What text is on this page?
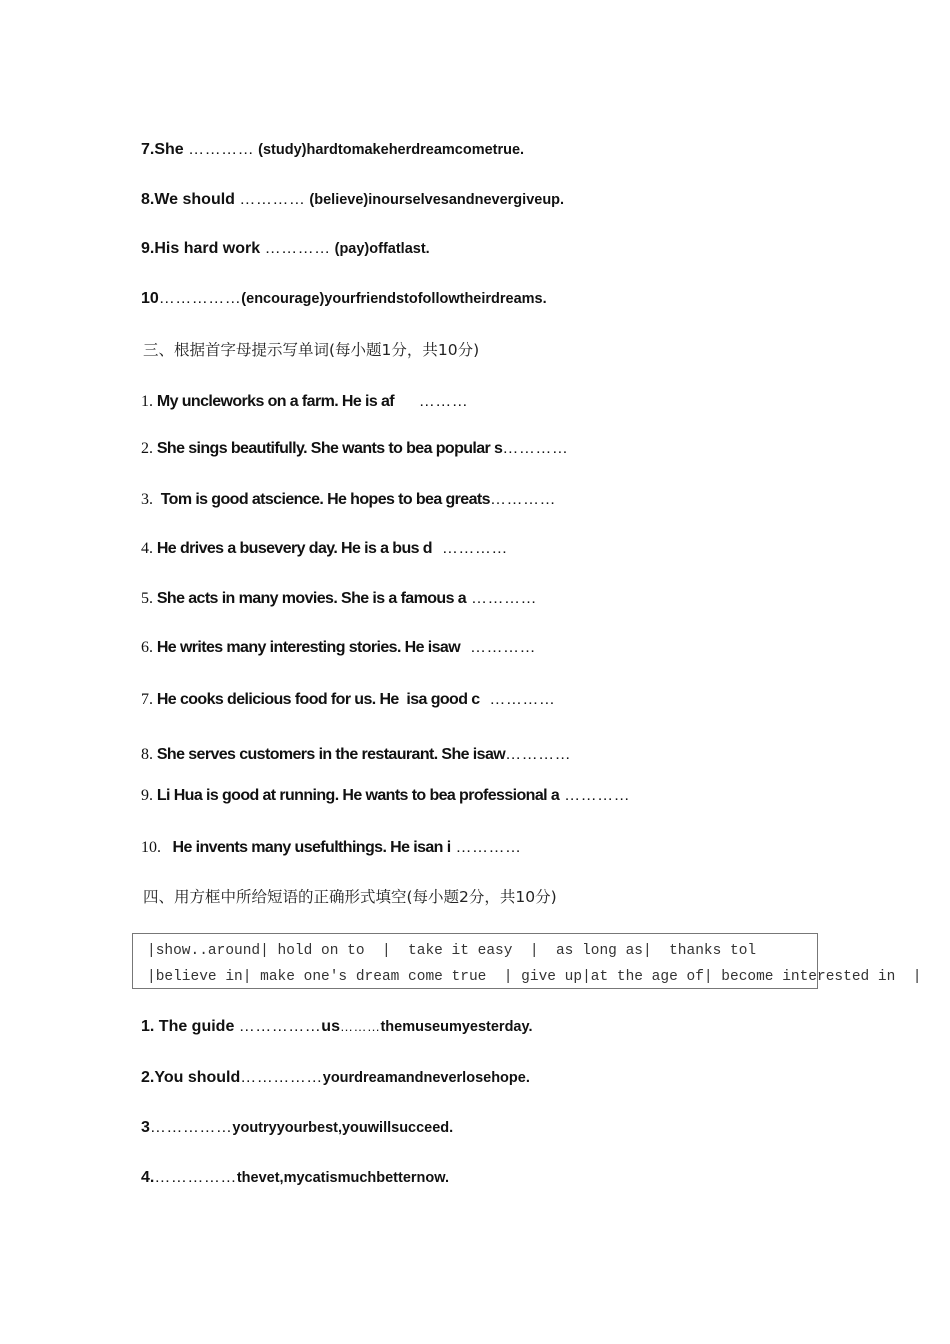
7.She ………… (study)hardtomakeherdreamcometrue.
8.We should ………… (believe)inourselvesandnevergiveup.
9.His hard work ………… (pay)offatlast.
10……………(encourage)yourfriendstofollowtheirdreams.
三、根据首字母提示写单词(每小题1分，共10分)
1. My uncleworks on a farm. He is af     ………
2. She sings beautifully. She wants to bea popular s…………
3.  Tom is good atscience. He hopes to bea greats…………
4. He drives a busevery day. He is a bus d  …………
5. She acts in many movies. She is a famous a …………
6. He writes many interesting stories. He isaw  …………
7. He cooks delicious food for us. He  isa good c  …………
8. She serves customers in the restaurant. She isaw…………
9. Li Hua is good at running. He wants to bea professional a …………
10.   He invents many usefulthings. He isan i …………
四、用方框中所给短语的正确形式填空(每小题2分，共10分)
|show..around| hold on to  |  take it easy  |  as long as|  thanks tol
|believe in| make one's dream come true  | give up|at the age of| become interested in  |
1. The guide ……………us………themuseumyesterday.
2.You should……………yourdreamandneverlosehope.
3……………youtryyourbest,youwillsucceed.
4.……………thevet,mycatismuchbetternow.
